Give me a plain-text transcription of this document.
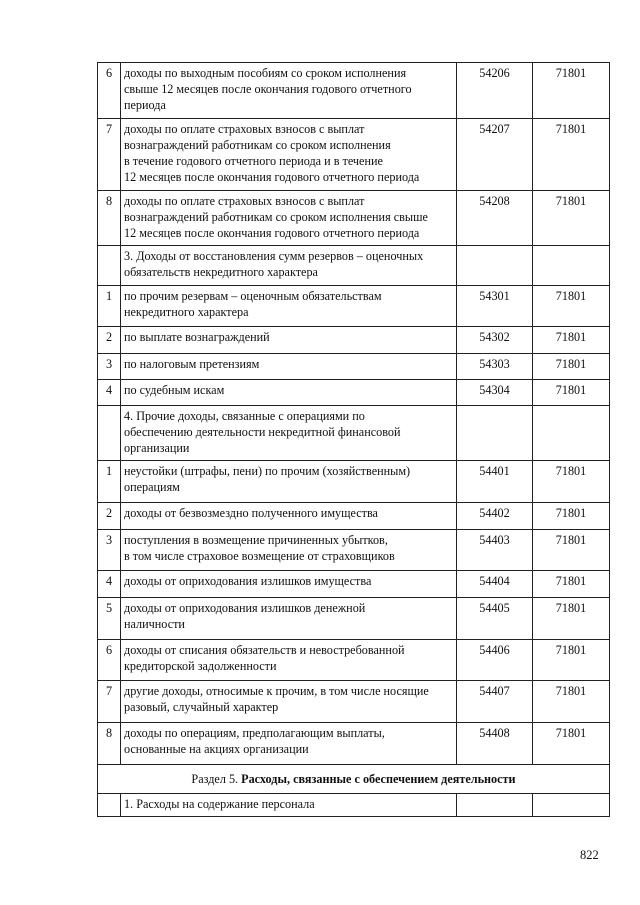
6	доходы по выходным пособиям со сроком исполнения
свыше 12 месяцев после окончания годового отчетного
периода	54206	71801
7	доходы по оплате страховых взносов с выплат
вознаграждений работникам со сроком исполнения
в течение годового отчетного периода и в течение
12 месяцев после окончания годового отчетного периода	54207	71801
8	доходы по оплате страховых взносов с выплат
вознаграждений работникам со сроком исполнения свыше
12 месяцев после окончания годового отчетного периода	54208	71801
	3. Доходы от восстановления сумм резервов – оценочных
обязательств некредитного характера		
1	по прочим резервам – оценочным обязательствам
некредитного характера	54301	71801
2	по выплате вознаграждений	54302	71801
3	по налоговым претензиям	54303	71801
4	по судебным искам	54304	71801
	4. Прочие доходы, связанные с операциями по
обеспечению деятельности некредитной финансовой
организации		
1	неустойки (штрафы, пени) по прочим (хозяйственным)
операциям	54401	71801
2	доходы от безвозмездно полученного имущества	54402	71801
3	поступления в возмещение причиненных убытков,
в том числе страховое возмещение от страховщиков	54403	71801
4	доходы от оприходования излишков имущества	54404	71801
5	доходы от оприходования излишков денежной
наличности	54405	71801
6	доходы от списания обязательств и невостребованной
кредиторской задолженности	54406	71801
7	другие доходы, относимые к прочим, в том числе носящие
разовый, случайный характер	54407	71801
8	доходы по операциям, предполагающим выплаты,
основанные на акциях организации	54408	71801
Раздел 5. Расходы, связанные с обеспечением деятельности			
	1. Расходы на содержание персонала		
822
